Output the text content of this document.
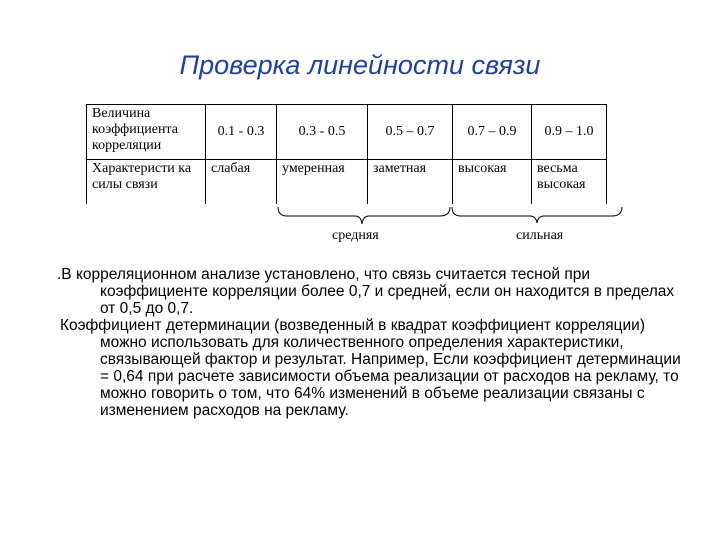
Проверка линейности связи
Величина коэффициента корреляции	0.1 - 0.3	0.3 - 0.5	0.5 – 0.7	0.7 – 0.9	0.9 – 1.0
Характеристи ка силы связи	слабая	умеренная	заметная	высокая	весьма высокая
средняя	сильная

.В корреляционном анализе установлено, что связь считается тесной при коэффициенте корреляции более 0,7 и средней, если он находится в пределах от 0,5 до 0,7.

Коэффициент детерминации (возведенный в квадрат коэффициент корреляции) можно использовать для количественного определения характеристики, связывающей фактор и результат. Например, Если коэффициент детерминации = 0,64 при расчете зависимости объема реализации от расходов на рекламу, то можно говорить о том, что 64% изменений в объеме реализации связаны с изменением расходов на рекламу.
